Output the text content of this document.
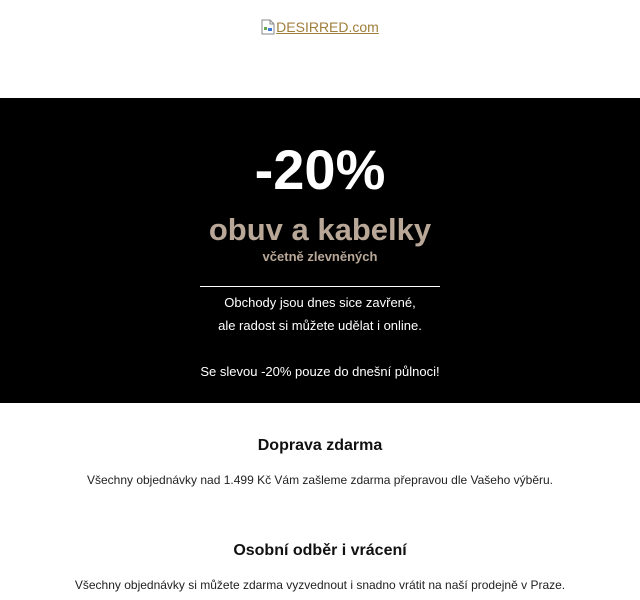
DESIRRED.com
-20%
obuv a kabelky
včetně zlevněných
Obchody jsou dnes sice zavřené,
ale radost si můžete udělat i online.
Se slevou -20% pouze do dnešní půlnoci!
Doprava zdarma
Všechny objednávky nad 1.499 Kč Vám zašleme zdarma přepravou dle Vašeho výběru.
Osobní odběr i vrácení
Všechny objednávky si můžete zdarma vyzvednout i snadno vrátit na naší prodejně v Praze.
